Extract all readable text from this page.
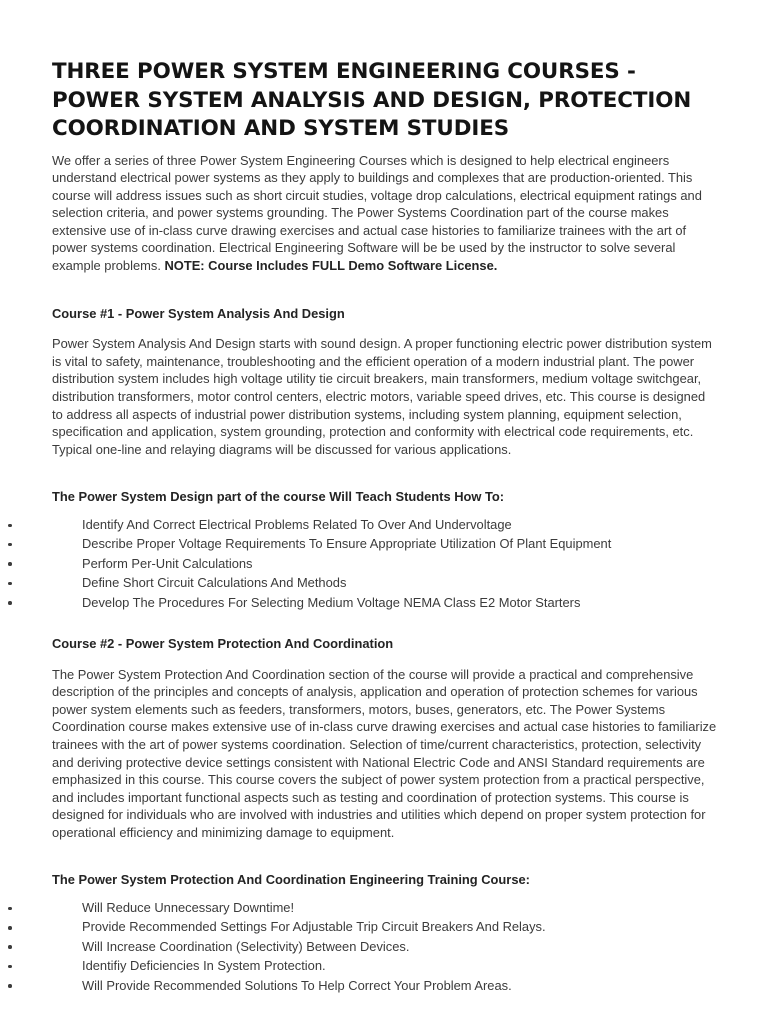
THREE POWER SYSTEM ENGINEERING COURSES - POWER SYSTEM ANALYSIS AND DESIGN, PROTECTION COORDINATION AND SYSTEM STUDIES

We offer a series of three Power System Engineering Courses which is designed to help electrical engineers understand electrical power systems as they apply to buildings and complexes that are production-oriented. This course will address issues such as short circuit studies, voltage drop calculations, electrical equipment ratings and selection criteria, and power systems grounding. The Power Systems Coordination part of the course makes extensive use of in-class curve drawing exercises and actual case histories to familiarize trainees with the art of power systems coordination. Electrical Engineering Software will be be used by the instructor to solve several example problems. NOTE: Course Includes FULL Demo Software License.

Course #1 - Power System Analysis And Design

Power System Analysis And Design starts with sound design. A proper functioning electric power distribution system is vital to safety, maintenance, troubleshooting and the efficient operation of a modern industrial plant. The power distribution system includes high voltage utility tie circuit breakers, main transformers, medium voltage switchgear, distribution transformers, motor control centers, electric motors, variable speed drives, etc. This course is designed to address all aspects of industrial power distribution systems, including system planning, equipment selection, specification and application, system grounding, protection and conformity with electrical code requirements, etc. Typical one-line and relaying diagrams will be discussed for various applications.

The Power System Design part of the course Will Teach Students How To:
Identify And Correct Electrical Problems Related To Over And Undervoltage
Describe Proper Voltage Requirements To Ensure Appropriate Utilization Of Plant Equipment
Perform Per-Unit Calculations
Define Short Circuit Calculations And Methods
Develop The Procedures For Selecting Medium Voltage NEMA Class E2 Motor Starters
Course #2 - Power System Protection And Coordination

The Power System Protection And Coordination section of the course will provide a practical and comprehensive description of the principles and concepts of analysis, application and operation of protection schemes for various power system elements such as feeders, transformers, motors, buses, generators, etc. The Power Systems Coordination course makes extensive use of in-class curve drawing exercises and actual case histories to familiarize trainees with the art of power systems coordination. Selection of time/current characteristics, protection, selectivity and deriving protective device settings consistent with National Electric Code and ANSI Standard requirements are emphasized in this course. This course covers the subject of power system protection from a practical perspective, and includes important functional aspects such as testing and coordination of protection systems. This course is designed for individuals who are involved with industries and utilities which depend on proper system protection for operational efficiency and minimizing damage to equipment.

The Power System Protection And Coordination Engineering Training Course:
Will Reduce Unnecessary Downtime!
Provide Recommended Settings For Adjustable Trip Circuit Breakers And Relays.
Will Increase Coordination (Selectivity) Between Devices.
Identifiy Deficiencies In System Protection.
Will Provide Recommended Solutions To Help Correct Your Problem Areas.
